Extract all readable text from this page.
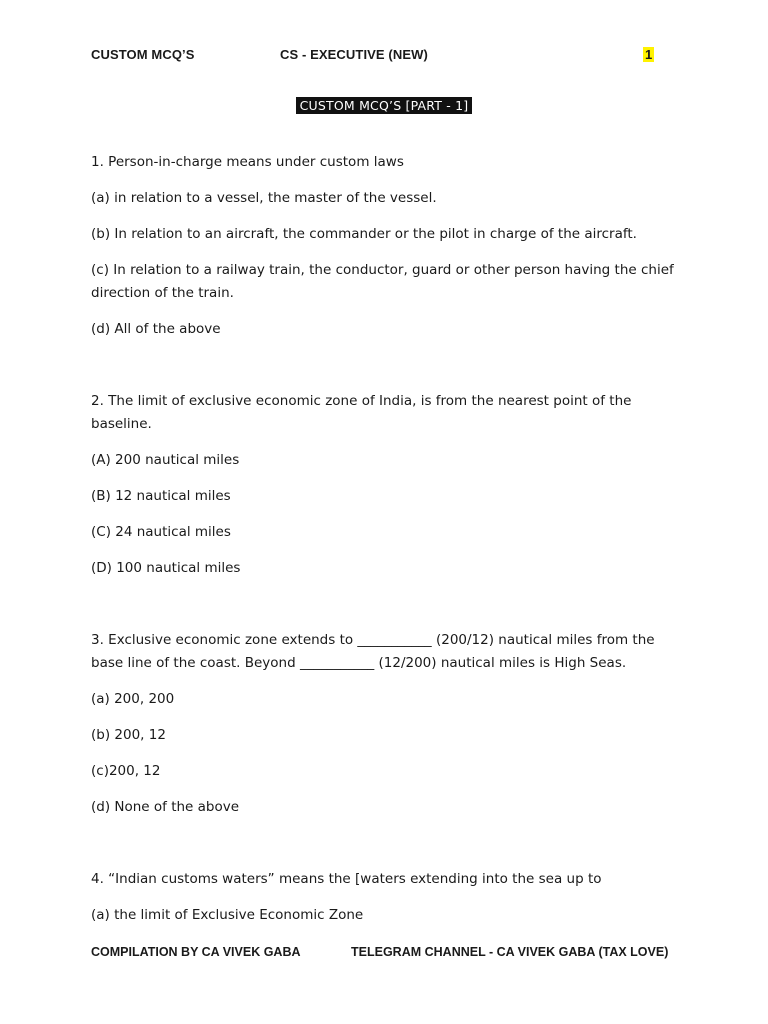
CUSTOM MCQ’S	CS - EXECUTIVE (NEW)	1
CUSTOM MCQ’S [PART - 1]

1. Person-in-charge means under custom laws

(a) in relation to a vessel, the master of the vessel.

(b) In relation to an aircraft, the commander or the pilot in charge of the aircraft.

(c) In relation to a railway train, the conductor, guard or other person having the chief direction of the train.

(d) All of the above

2. The limit of exclusive economic zone of India, is from the nearest point of the baseline.

(A) 200 nautical miles

(B) 12 nautical miles

(C) 24 nautical miles

(D) 100 nautical miles

3. Exclusive economic zone extends to ___________ (200/12) nautical miles from the base line of the coast. Beyond ___________ (12/200) nautical miles is High Seas.

(a) 200, 200

(b) 200, 12

(c)200, 12

(d) None of the above

4. “Indian customs waters” means the [waters extending into the sea up to

(a) the limit of Exclusive Economic Zone

COMPILATION BY CA VIVEK GABA	TELEGRAM CHANNEL - CA VIVEK GABA (TAX LOVE)
